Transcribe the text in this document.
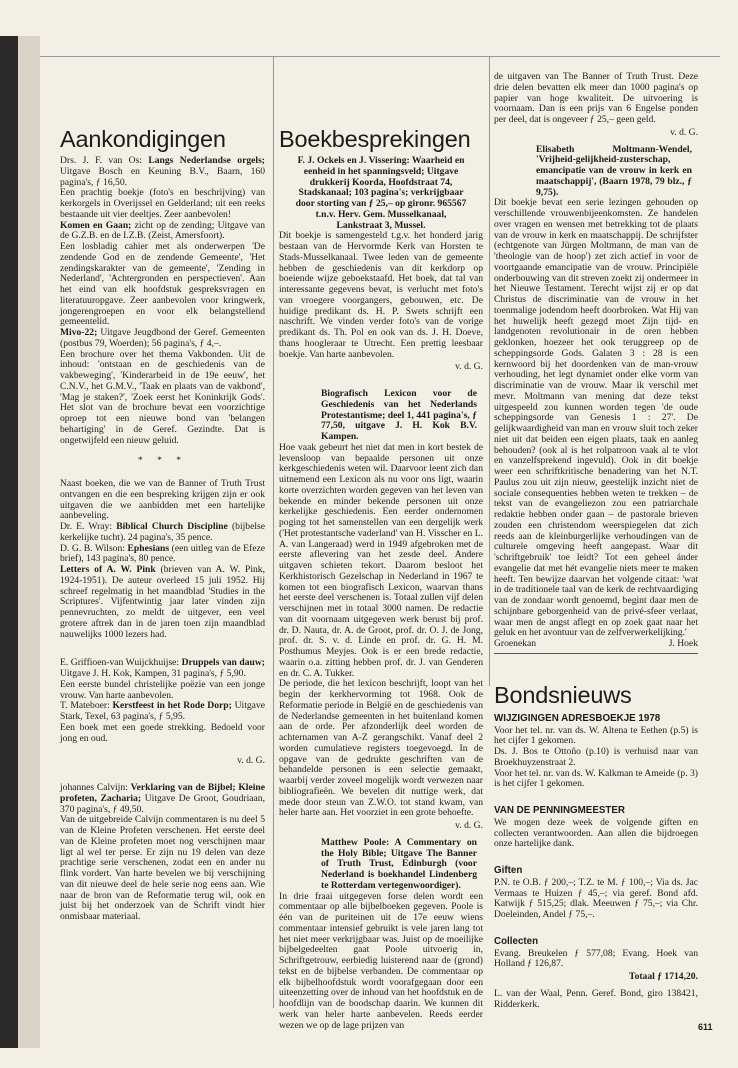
Aankondigingen

Drs. J. F. van Os: Langs Nederlandse orgels; Uitgave Bosch en Keuning B.V., Baarn, 160 pagina's, ƒ 16,50.

Een prachtig boekje (foto's en beschrijving) van kerkorgels in Overijssel en Gelderland; uit een reeks bestaande uit vier deeltjes. Zeer aanbevolen!

Komen en Gaan; zicht op de zending; Uitgave van de G.Z.B. en de I.Z.B. (Zeist, Amersfoort).

Een losbladig cahier met als onderwerpen 'De zendende God en de zendende Gemeente', 'Het zendingskarakter van de gemeente', 'Zending in Nederland', 'Achtergronden en perspectieven'. Aan het eind van elk hoofdstuk gespreksvragen en literatuuropgave. Zeer aanbevolen voor kringwerk, jongerengroepen en voor elk belangstellend gemeentelid.

Mivo-22; Uitgave Jeugdbond der Geref. Gemeenten (postbus 79, Woerden); 56 pagina's, ƒ 4,–.

Een brochure over het thema Vakbonden. Uit de inhoud: 'ontstaan en de geschiedenis van de vakbeweging', 'Kinderarbeid in de 19e eeuw', het C.N.V., het G.M.V., 'Taak en plaats van de vakbond', 'Mag je staken?', 'Zoek eerst het Koninkrijk Gods'. Het slot van de brochure bevat een voorzichtige oproep tot een nieuwe bond van 'belangen behartiging' in de Geref. Gezindte. Dat is ongetwijfeld een nieuw geluid.

* * *

Naast boeken, die we van de Banner of Truth Trust ontvangen en die een bespreking krijgen zijn er ook uitgaven die we aanbidden met een hartelijke aanbeveling.

Dr. E. Wray: Biblical Church Discipline (bijbelse kerkelijke tucht). 24 pagina's, 35 pence.

D. G. B. Wilson: Ephesians (een uitleg van de Efeze brief), 143 pagina's, 80 pence.

Letters of A. W. Pink (brieven van A. W. Pink, 1924-1951). De auteur overleed 15 juli 1952. Hij schreef regelmatig in het maandblad 'Studies in the Scriptures'. Vijfentwintig jaar later vinden zijn pennevruchten, zo meldt de uitgever, een veel grotere aftrek dan in de jaren toen zijn maandblad nauwelijks 1000 lezers had.

E. Griffioen-van Wuijckhuijse: Druppels van dauw; Uitgave J. H. Kok, Kampen, 31 pagina's, ƒ 5,90.

Een eerste bundel christelijke poëzie van een jonge vrouw. Van harte aanbevolen.

T. Mateboer: Kerstfeest in het Rode Dorp; Uitgave Stark, Texel, 63 pagina's, ƒ 5,95.

Een boek met een goede strekking. Bedoeld voor jong en oud.

v. d. G.

johannes Calvijn: Verklaring van de Bijbel; Kleine profeten, Zacharia; Uitgave De Groot, Goudriaan, 370 pagina's, ƒ 49,50.

Van de uitgebreide Calvijn commentaren is nu deel 5 van de Kleine Profeten verschenen. Het eerste deel van de Kleine profeten moet nog verschijnen maar ligt al wel ter perse. Er zijn nu 19 delen van deze prachtige serie verschenen, zodat een en ander nu flink vordert. Van harte bevelen we bij verschijning van dit nieuwe deel de hele serie nog eens aan. Wie naar de bron van de Reformatie terug wil, ook en juist bij het onderzoek van de Schrift vindt hier onmisbaar materiaal.

Boekbesprekingen

F. J. Ockels en J. Vissering: Waarheid en eenheid in het spanningsveld; Uitgave drukkerij Koorda, Hoofdstraat 74, Stadskanaal; 103 pagina's; verkrijgbaar door storting van ƒ 25,– op gironr. 965567 t.n.v. Herv. Gem. Musselkanaal, Lankstraat 3, Mussel.

Dit boekje is samengesteld t.g.v. het honderd jarig bestaan van de Hervormde Kerk van Horsten te Stads-Musselkanaal. Twee leden van de gemeente hebben de geschiedenis van dit kerkdorp op boeiende wijze geboekstaafd. Het boek, dat tal van interessante gegevens bevat, is verlucht met foto's van vroegere voorgangers, gebouwen, etc. De huidige predikant ds. H. P. Swets schrijft een naschrift. We vinden verder foto's van de vorige predikant ds. Th. Pol en ook van ds. J. H. Doeve, thans hoogleraar te Utrecht. Een prettig leesbaar boekje. Van harte aanbevolen.

v. d. G.

Biografisch Lexicon voor de Geschiedenis van het Nederlands Protestantisme; deel 1, 441 pagina's, ƒ 77,50, uitgave J. H. Kok B.V. Kampen.

Hoe vaak gebeurt het niet dat men in kort bestek de levensloop van bepaalde personen uit onze kerkgeschiedenis weten wil. Daarvoor leent zich dan uitnemend een Lexicon als nu voor ons ligt, waarin korte overzichten worden gegeven van het leven van bekende en minder bekende personen uit onze kerkelijke geschiedenis. Een eerder ondernomen poging tot het samenstellen van een dergelijk werk ('Het protestantsche vaderland' van H. Visscher en L. A. van Langeraad) werd in 1949 afgebroken met de eerste aflevering van het zesde deel. Andere uitgaven schieten tekort. Daarom besloot het Kerkhistorisch Gezelschap in Nederland in 1967 te komen tot een biografisch Lexicon, waarvan thans het eerste deel verschenen is. Totaal zullen vijf delen verschijnen met in totaal 3000 namen. De redactie van dit voornaam uitgegeven werk berust bij prof. dr. D. Nauta, dr. A. de Groot, prof. dr. O. J. de Jong, prof. dr. S. v. d. Linde en prof. dr. G. H. M. Posthumus Meyjes. Ook is er een brede redactie, waarin o.a. zitting hebben prof. dr. J. van Genderen en dr. C. A. Tukker.

De periode, die het lexicon beschrijft, loopt van het begin der kerkhervorming tot 1968. Ook de Reformatie periode in België en de geschiedenis van de Nederlandse gemeenten in het buitenland komen aan de orde. Per afzonderlijk deel worden de achternamen van A-Z gerangschikt. Vanaf deel 2 worden cumulatieve registers toegevoegd. In de opgave van de gedrukte geschriften van de behandelde personen is een selectie gemaakt, waarbij verder zoveel mogelijk wordt verwezen naar bibliografieën. We bevelen dit nuttige werk, dat mede door steun van Z.W.O. tot stand kwam, van heler harte aan. Het voorziet in een grote behoefte.

v. d. G.

Matthew Poole: A Commentary on the Holy Bible; Uitgave The Banner of Truth Trust, Edinburgh (voor Nederland is boekhandel Lindenberg te Rotterdam vertegenwoordiger).

In drie fraai uitgegeven forse delen wordt een commentaar op alle bijbelboeken gegeven. Poole is één van de puriteinen uit de 17e eeuw wiens commentaar intensief gebruikt is vele jaren lang tot het niet meer verkrijgbaar was. Juist op de moeilijke bijbelgedeelten gaat Poole uitvoerig in, Schriftgetrouw, eerbiedig luisterend naar de (grond) tekst en de bijbelse verbanden. De commentaar op elk bijbelhoofdstuk wordt voorafgegaan door een uiteenzetting over de inhoud van het hoofdstuk en de hoofdlijn van de boodschap daarin. We kunnen dit werk van heler harte aanbevelen. Reeds eerder wezen we op de lage prijzen van

de uitgaven van The Banner of Truth Trust. Deze drie delen bevatten elk meer dan 1000 pagina's op papier van hoge kwaliteit. De uitvoering is voornaam. Dan is een prijs van 6 Engelse ponden per deel, dat is ongeveer ƒ 25,– geen geld.

v. d. G.

Elisabeth Moltmann-Wendel, 'Vrijheid-gelijkheid-zusterschap, emancipatie van de vrouw in kerk en maatschappij', (Baarn 1978, 79 blz., ƒ 9,75).

Dit boekje bevat een serie lezingen gehouden op verschillende vrouwenbijeenkomsten. Ze handelen over vragen en wensen met betrekking tot de plaats van de vrouw in kerk en maatschappij. De schrijfster (echtgenote van Jürgen Moltmann, de man van de 'theologie van de hoop') zet zich actief in voor de voortgaande emancipatie van de vrouw. Principiële onderbouwing van dit streven zoekt zij ondermeer in het Nieuwe Testament. Terecht wijst zij er op dat Christus de discriminatie van de vrouw in het toenmalige jodendom heeft doorbroken. Wat Hij van het huwelijk heeft gezegd moet Zijn tijd- en landgenoten revolutionair in de oren hebben geklonken, hoezeer het ook teruggreep op de scheppingsorde Gods. Galaten 3 : 28 is een kernwoord bij het doordenken van de man-vrouw verhouding, het legt dynamiet onder elke vorm van discriminatie van de vrouw. Maar ik verschil met mevr. Moltmann van mening dat deze tekst uitgespeeld zou kunnen worden tegen 'de oude scheppingsorde van Genesis 1 : 27'. De gelijkwaardigheid van man en vrouw sluit toch zeker niet uit dat beiden een eigen plaats, taak en aanleg behouden? (ook al is het rolpatroon vaak al te vlot en vanzelfsprekend ingevuld). Ook in dit boekje weer een schriftkritische benadering van het N.T. Paulus zou uit zijn nieuw, geestelijk inzicht niet de sociale consequenties hebben weten te trekken – de tekst van de evangeliezon zou een patriarchale redaktie hebben onder gaan – de pastorale brieven zouden een christendom weerspiegelen dat zich reeds aan de kleinburgerlijke verhoudingen van de culturele omgeving heeft aangepast. Waar dit 'schriftgebruik' toe leidt? Tot een geheel ánder evangelie dat met hét evangelie niets meer te maken heeft. Ten bewijze daarvan het volgende citaat: 'wat in de traditionele taal van de kerk de rechtvaardiging van de zondaar wordt genoemd, begint daar men de schijnbare geborgenheid van de privé-sfeer verlaat, waar men de angst aflegt en op zoek gaat naar het geluk en het avontuur van de zelfverwerkelijking.'

Groenekan	J. Hoek
Bondsnieuws
WIJZIGINGEN ADRESBOEKJE 1978

Voor het tel. nr. van ds. W. Altena te Eethen (p.5) is het cijfer 1 gekomen.

Ds. J. Bos te Ottoño (p.10) is verhuisd naar van Broekhuyzenstraat 2.

Voor het tel. nr. van ds. W. Kalkman te Ameide (p. 3) is het cijfer 1 gekomen.

VAN DE PENNINGMEESTER

We mogen deze week de volgende giften en collecten verantwoorden. Aan allen die bijdroegen onze hartelijke dank.

Giften

P.N. te O.B. ƒ 200,–; T.Z. te M. ƒ 100,–; Via ds. Jac Vermaas te Huizen ƒ 45,–; via geref. Bond afd. Katwijk ƒ 515,25; dlak. Meeuwen ƒ 75,–; via Chr. Doeleinden, Andel ƒ 75,–.

Collecten

Evang. Breukelen ƒ 577,08; Evang. Hoek van Holland ƒ 126,87.

Totaal ƒ 1714,20.

L. van der Waal, Penn. Geref. Bond, giro 138421, Ridderkerk.

611
